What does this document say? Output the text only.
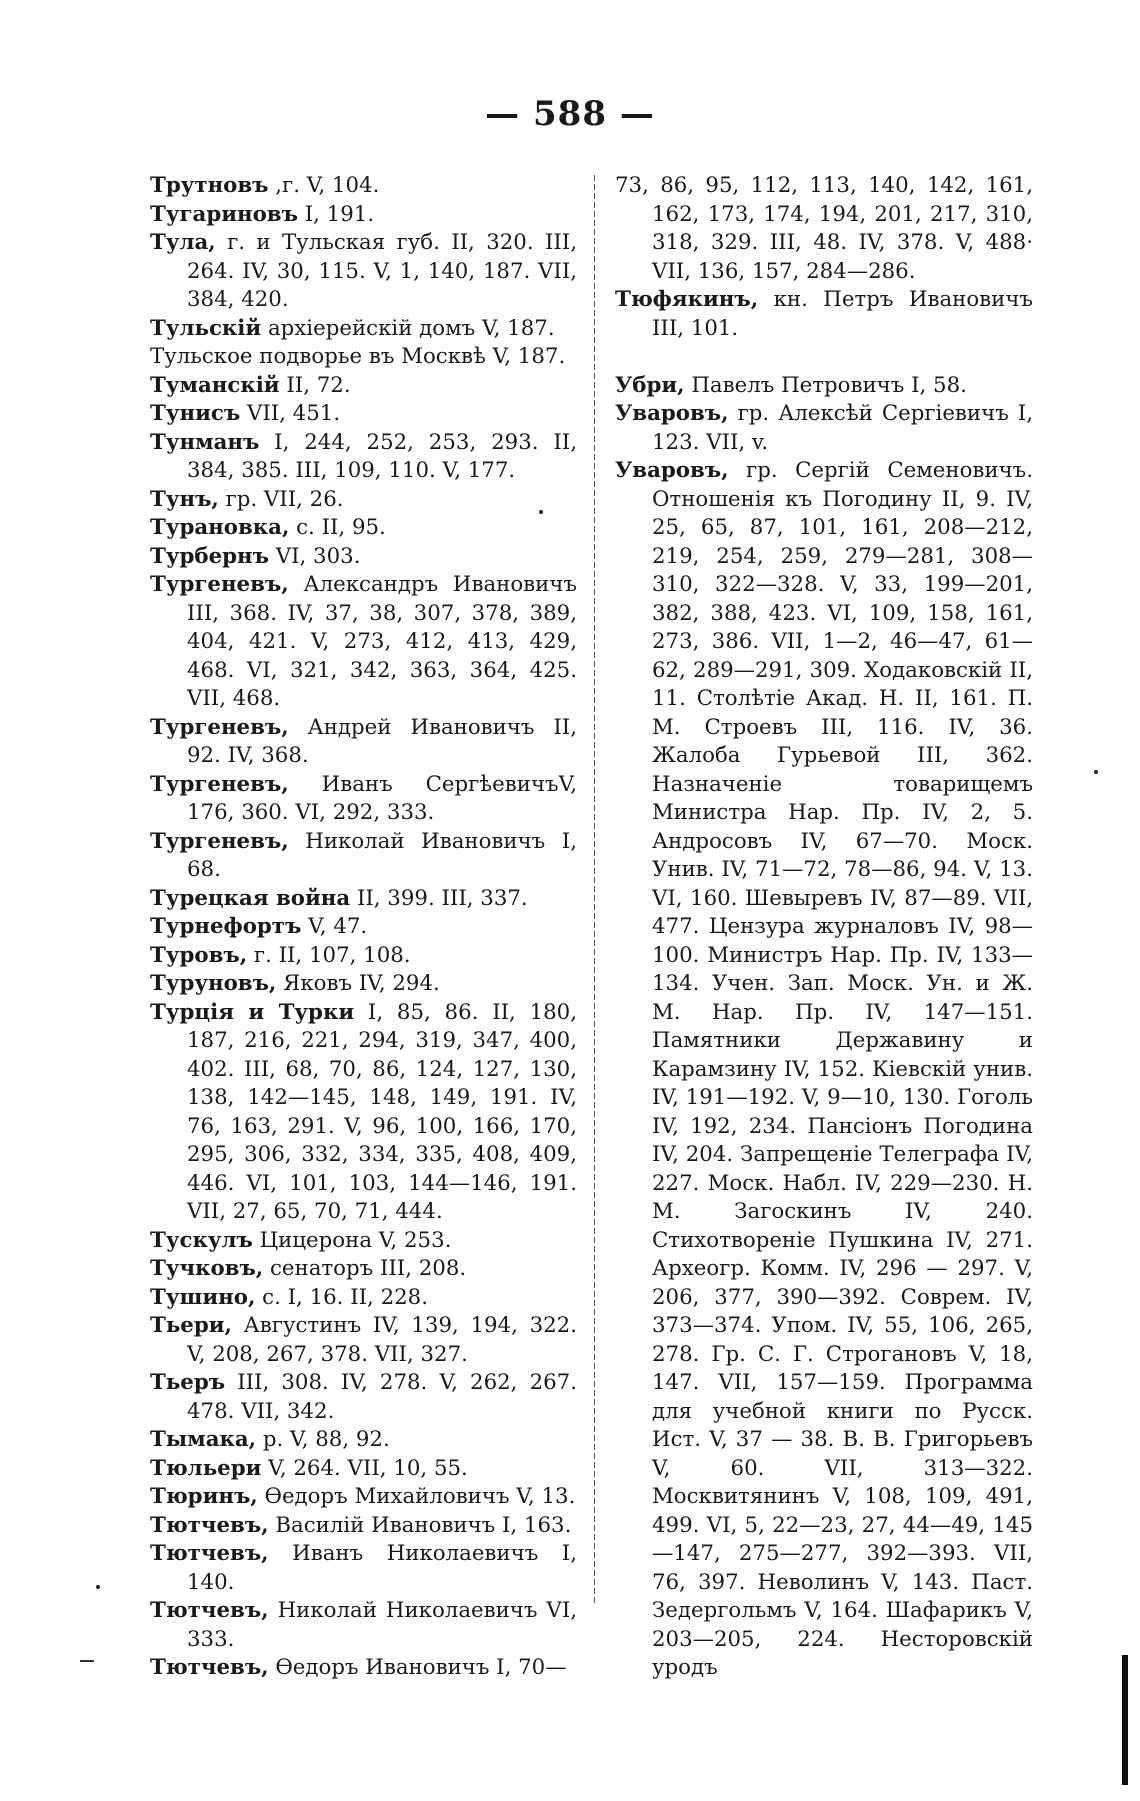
— 588 —

Трутновъ ,г. V, 104.

Тугариновъ I, 191.

Тула, г. и Тульская губ. II, 320. III, 264. IV, 30, 115. V, 1, 140, 187. VII, 384, 420.

Тульскій архіерейскій домъ V, 187.

Тульское подворье въ Москвѣ V, 187.

Туманскій II, 72.

Туниcъ VII, 451.

Тунманъ I, 244, 252, 253, 293. II, 384, 385. III, 109, 110. V, 177.

Тунъ, гр. VII, 26.

Турановка, с. II, 95.

Турбернъ VI, 303.

Тургеневъ, Александръ Ивановичъ III, 368. IV, 37, 38, 307, 378, 389, 404, 421. V, 273, 412, 413, 429, 468. VI, 321, 342, 363, 364, 425. VII, 468.

Тургеневъ, Андрей Ивановичъ II, 92. IV, 368.

Тургеневъ, Иванъ СергѣевичъV, 176, 360. VI, 292, 333.

Тургеневъ, Николай Ивановичъ I, 68.

Турецкая война II, 399. III, 337.

Турнефортъ V, 47.

Туровъ, г. II, 107, 108.

Туруновъ, Яковъ IV, 294.

Турція и Турки I, 85, 86. II, 180, 187, 216, 221, 294, 319, 347, 400, 402. III, 68, 70, 86, 124, 127, 130, 138, 142—145, 148, 149, 191. IV, 76, 163, 291. V, 96, 100, 166, 170, 295, 306, 332, 334, 335, 408, 409, 446. VI, 101, 103, 144—146, 191. VII, 27, 65, 70, 71, 444.

Тускулъ Цицерона V, 253.

Тучковъ, сенаторъ III, 208.

Тушино, с. I, 16. II, 228.

Тьери, Августинъ IV, 139, 194, 322. V, 208, 267, 378. VII, 327.

Тьеръ III, 308. IV, 278. V, 262, 267. 478. VII, 342.

Тымака, р. V, 88, 92.

Тюльери V, 264. VII, 10, 55.

Тюринъ, Өедоръ Михайловичъ V, 13.

Тютчевъ, Василій Ивановичъ I, 163.

Тютчевъ, Иванъ Николаевичъ I, 140.

Тютчевъ, Николай Николаевичъ VI, 333.

Тютчевъ, Өедоръ Ивановичъ I, 70—

73, 86, 95, 112, 113, 140, 142, 161, 162, 173, 174, 194, 201, 217, 310, 318, 329. III, 48. IV, 378. V, 488· VII, 136, 157, 284—286.

Тюфякинъ, кн. Петръ Ивановичъ III, 101.

Убри, Павелъ Петровичъ I, 58.

Уваровъ, гр. Алексѣй Сергіевичъ I, 123. VII, v.

Уваровъ, гр. Сергій Семеновичъ. Отношенія къ Погодину II, 9. IV, 25, 65, 87, 101, 161, 208—212, 219, 254, 259, 279—281, 308—310, 322—328. V, 33, 199—201, 382, 388, 423. VI, 109, 158, 161, 273, 386. VII, 1—2, 46—47, 61—62, 289—291, 309. Ходаковскій II, 11. Столѣтіе Акад. Н. II, 161. П. М. Строевъ III, 116. IV, 36. Жалоба Гурьевой III, 362. Назначеніе товарищемъ Министра Нар. Пр. IV, 2, 5. Андросовъ IV, 67—70. Моск. Унив. IV, 71—72, 78—86, 94. V, 13. VI, 160. Шевыревъ IV, 87—89. VII, 477. Цензура журналовъ IV, 98—100. Министръ Нар. Пр. IV, 133—134. Учен. Зап. Моск. Ун. и Ж. М. Нар. Пр. IV, 147—151. Памятники Державину и Карамзину IV, 152. Кіевскій унив. IV, 191—192. V, 9—10, 130. Гоголь IV, 192, 234. Пансіонъ Погодина IV, 204. Запрещеніе Телеграфа IV, 227. Моск. Набл. IV, 229—230. Н. М. Загоскинъ IV, 240. Стихотвореніе Пушкина IV, 271. Археогр. Комм. IV, 296 — 297. V, 206, 377, 390—392. Соврем. IV, 373—374. Упом. IV, 55, 106, 265, 278. Гр. С. Г. Строгановъ V, 18, 147. VII, 157—159. Программа для учебной книги по Русск. Ист. V, 37 — 38. В. В. Григорьевъ V, 60. VII, 313—322. Москвитянинъ V, 108, 109, 491, 499. VI, 5, 22—23, 27, 44—49, 145—147, 275—277, 392—393. VII, 76, 397. Неволинъ V, 143. Паст. Зедергольмъ V, 164. Шафарикъ V, 203—205, 224. Несторовскій уродъ
